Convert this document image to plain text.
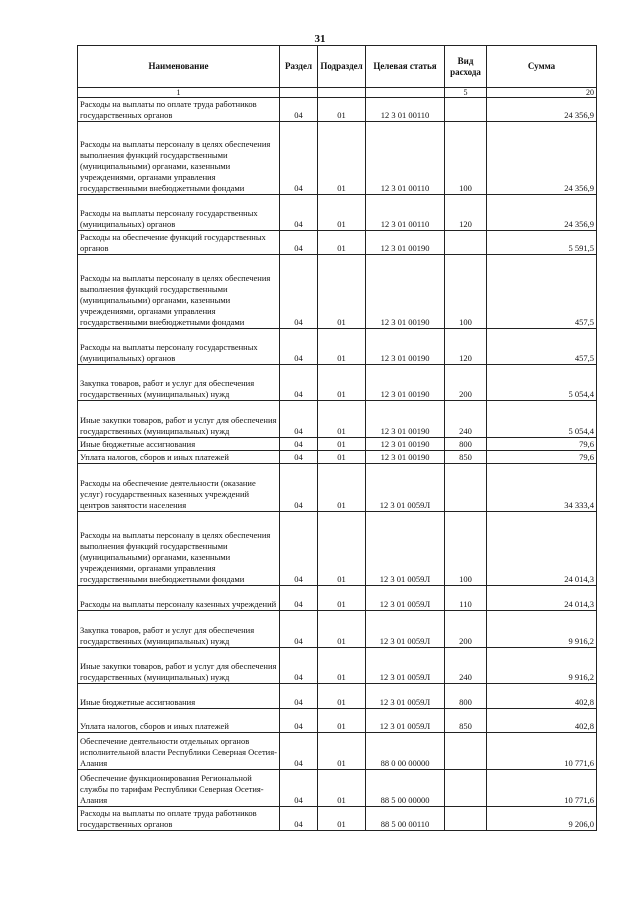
31
Наименование	Раздел	Подраздел	Целевая статья	Вид расхода	Сумма
1				5	20
Расходы на выплаты по оплате труда работников государственных органов	04	01	12 3 01 00110		24 356,9
Расходы на выплаты персоналу в целях обеспечения выполнения функций государственными (муниципальными) органами, казенными учреждениями, органами управления государственными внебюджетными фондами	04	01	12 3 01 00110	100	24 356,9
Расходы на выплаты персоналу государственных (муниципальных) органов	04	01	12 3 01 00110	120	24 356,9
Расходы на обеспечение функций государственных органов	04	01	12 3 01 00190		5 591,5
Расходы на выплаты персоналу в целях обеспечения выполнения функций государственными (муниципальными) органами, казенными учреждениями, органами управления государственными внебюджетными фондами	04	01	12 3 01 00190	100	457,5
Расходы на выплаты персоналу государственных (муниципальных) органов	04	01	12 3 01 00190	120	457,5
Закупка товаров, работ и услуг для обеспечения государственных (муниципальных) нужд	04	01	12 3 01 00190	200	5 054,4
Иные закупки товаров, работ и услуг для обеспечения государственных (муниципальных) нужд	04	01	12 3 01 00190	240	5 054,4
Иные бюджетные ассигнования	04	01	12 3 01 00190	800	79,6
Уплата налогов, сборов и иных платежей	04	01	12 3 01 00190	850	79,6
Расходы на обеспечение деятельности (оказание услуг) государственных казенных учреждений центров занятости населения	04	01	12 3 01 0059Л		34 333,4
Расходы на выплаты персоналу в целях обеспечения выполнения функций государственными (муниципальными) органами, казенными учреждениями, органами управления государственными внебюджетными фондами	04	01	12 3 01 0059Л	100	24 014,3
Расходы на выплаты персоналу казенных учреждений	04	01	12 3 01 0059Л	110	24 014,3
Закупка товаров, работ и услуг для обеспечения государственных (муниципальных) нужд	04	01	12 3 01 0059Л	200	9 916,2
Иные закупки товаров, работ и услуг для обеспечения государственных (муниципальных) нужд	04	01	12 3 01 0059Л	240	9 916,2
Иные бюджетные ассигнования	04	01	12 3 01 0059Л	800	402,8
Уплата налогов, сборов и иных платежей	04	01	12 3 01 0059Л	850	402,8
Обеспечение деятельности отдельных органов исполнительной власти Республики Северная Осетия-Алания	04	01	88 0 00 00000		10 771,6
Обеспечение функционирования Региональной службы по тарифам Республики Северная Осетия-Алания	04	01	88 5 00 00000		10 771,6
Расходы на выплаты по оплате труда работников государственных органов	04	01	88 5 00 00110		9 206,0
